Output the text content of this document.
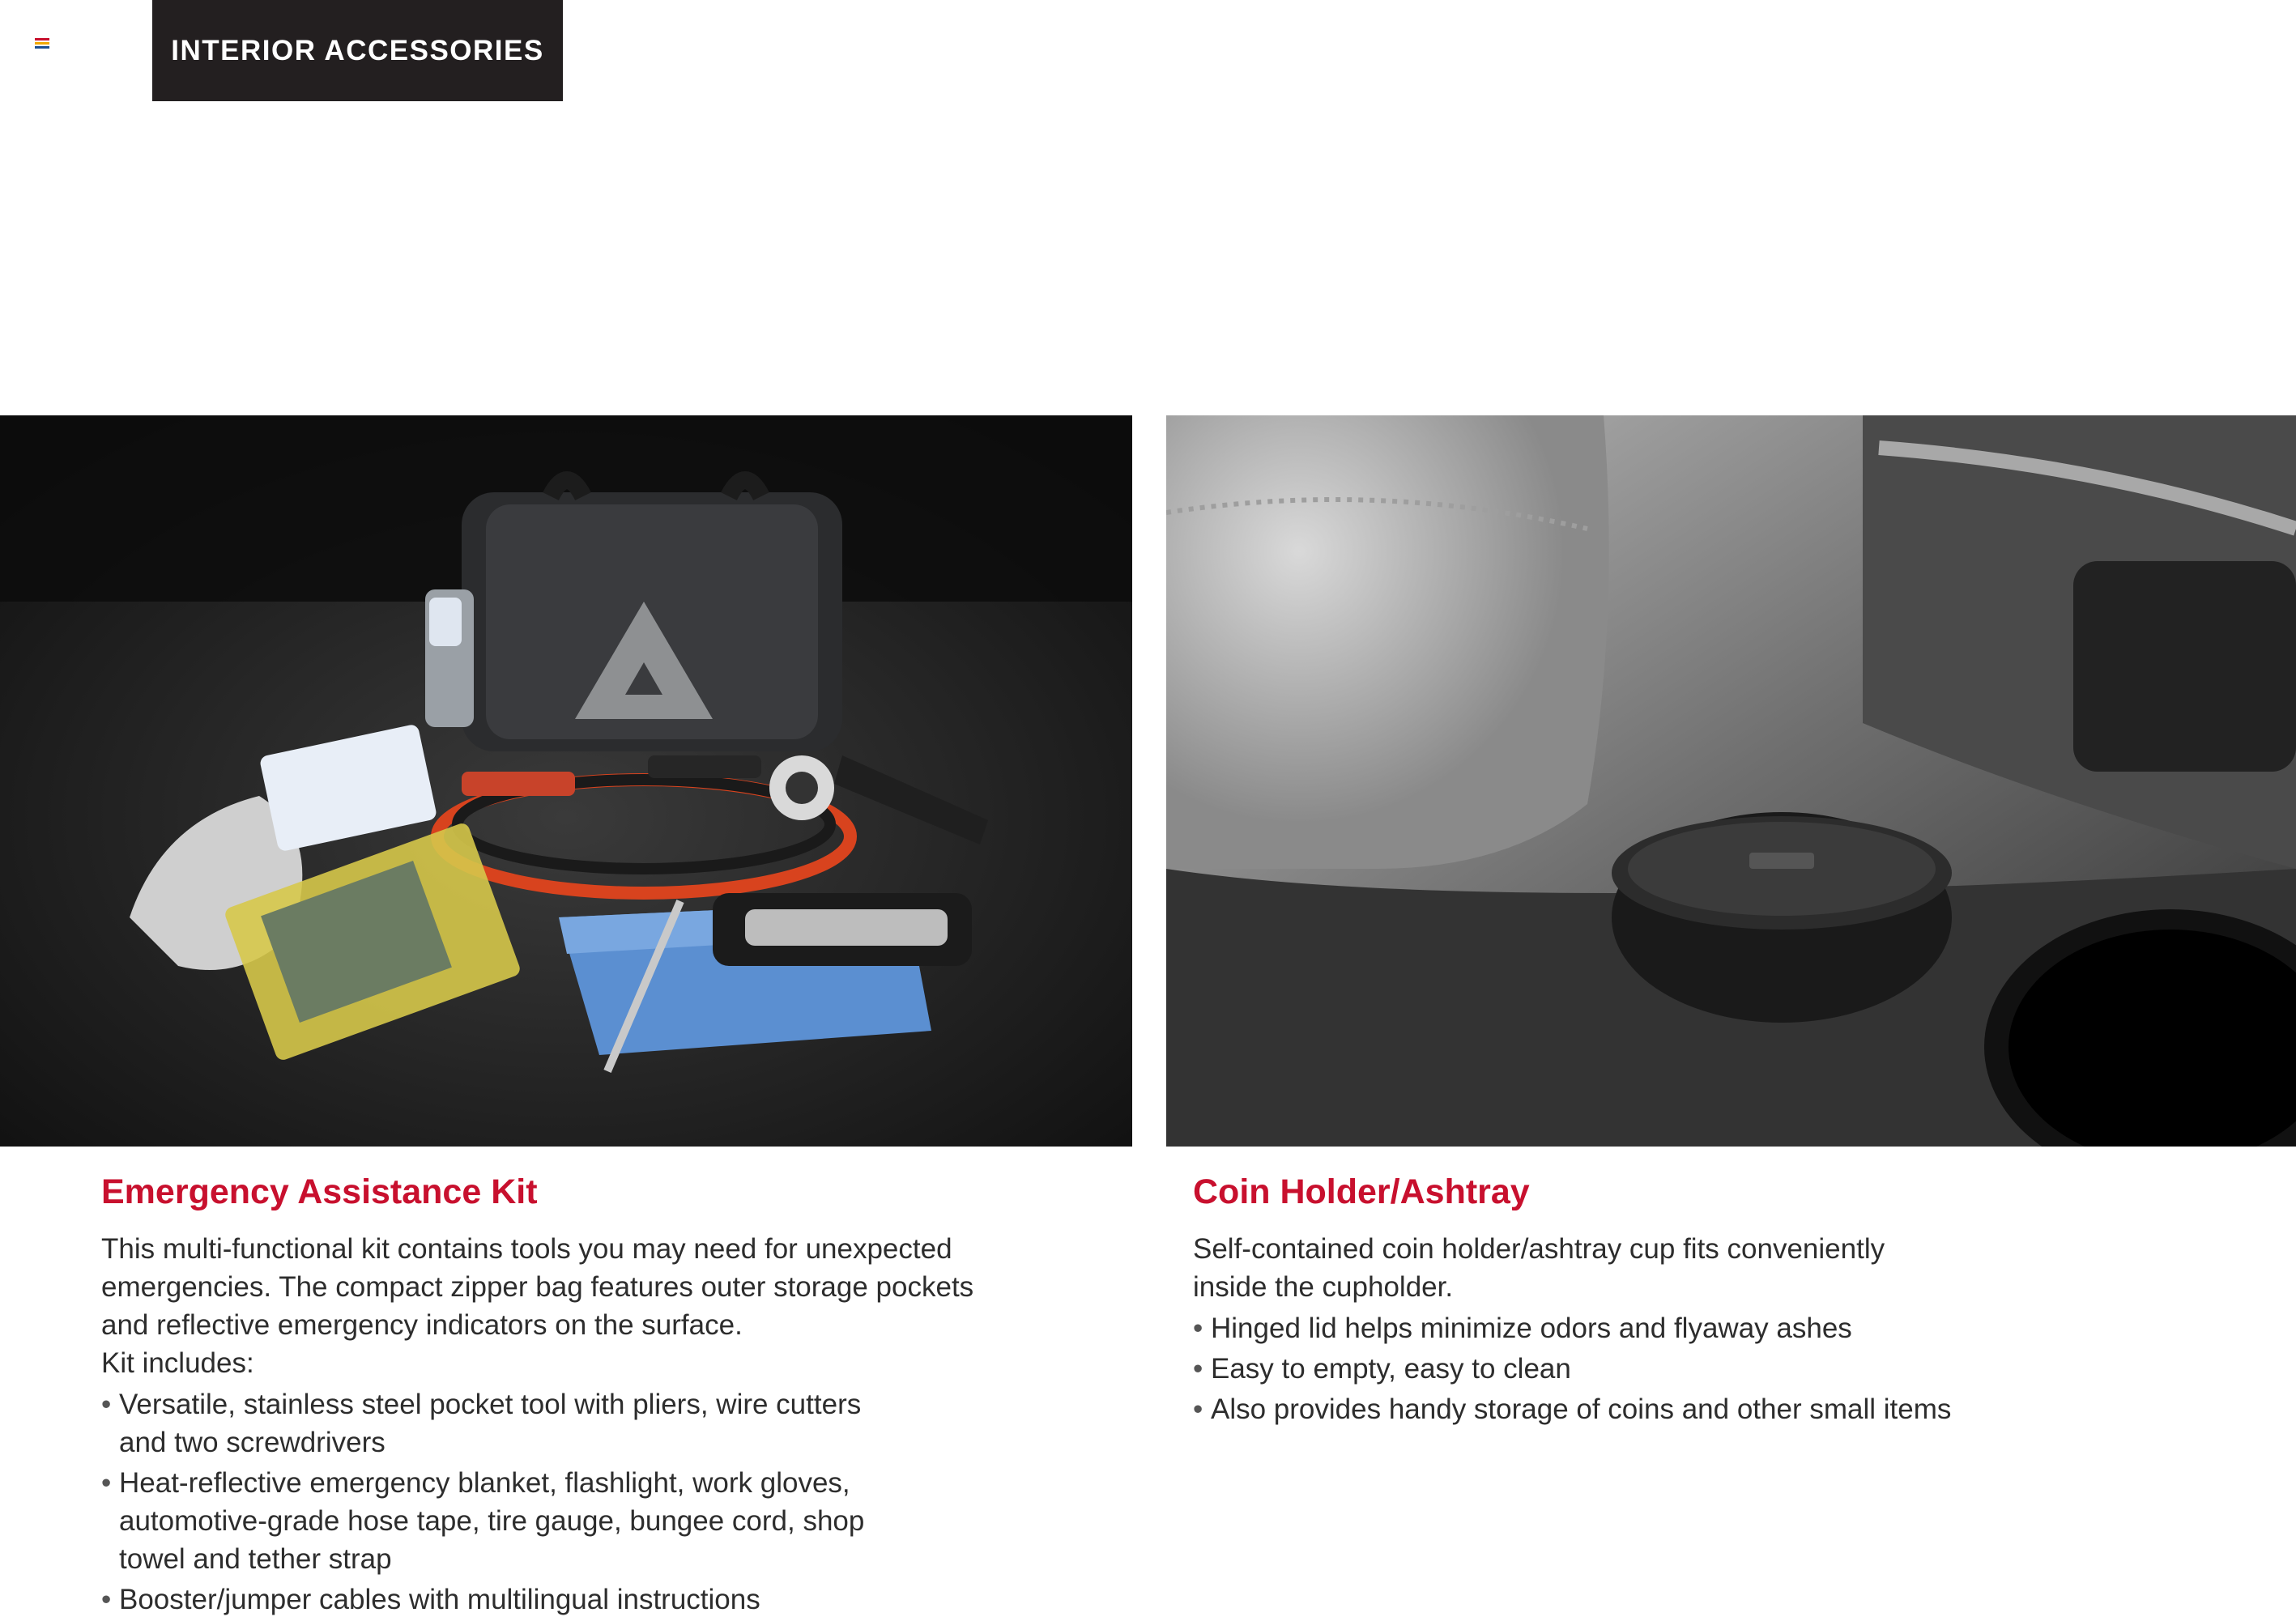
INTERIOR ACCESSORIES
Emergency Assistance Kit

This multi-functional kit contains tools you may need for unexpected
emergencies. The compact zipper bag features outer storage pockets
and reflective emergency indicators on the surface.
Kit includes:

• Versatile, stainless steel pocket tool with pliers, wire cutters
and two screwdrivers
• Heat-reflective emergency blanket, flashlight, work gloves,
automotive-grade hose tape, tire gauge, bungee cord, shop
towel and tether strap
• Booster/jumper cables with multilingual instructions
Coin Holder/Ashtray

Self-contained coin holder/ashtray cup fits conveniently
inside the cupholder.

• Hinged lid helps minimize odors and flyaway ashes
• Easy to empty, easy to clean
• Also provides handy storage of coins and other small items
